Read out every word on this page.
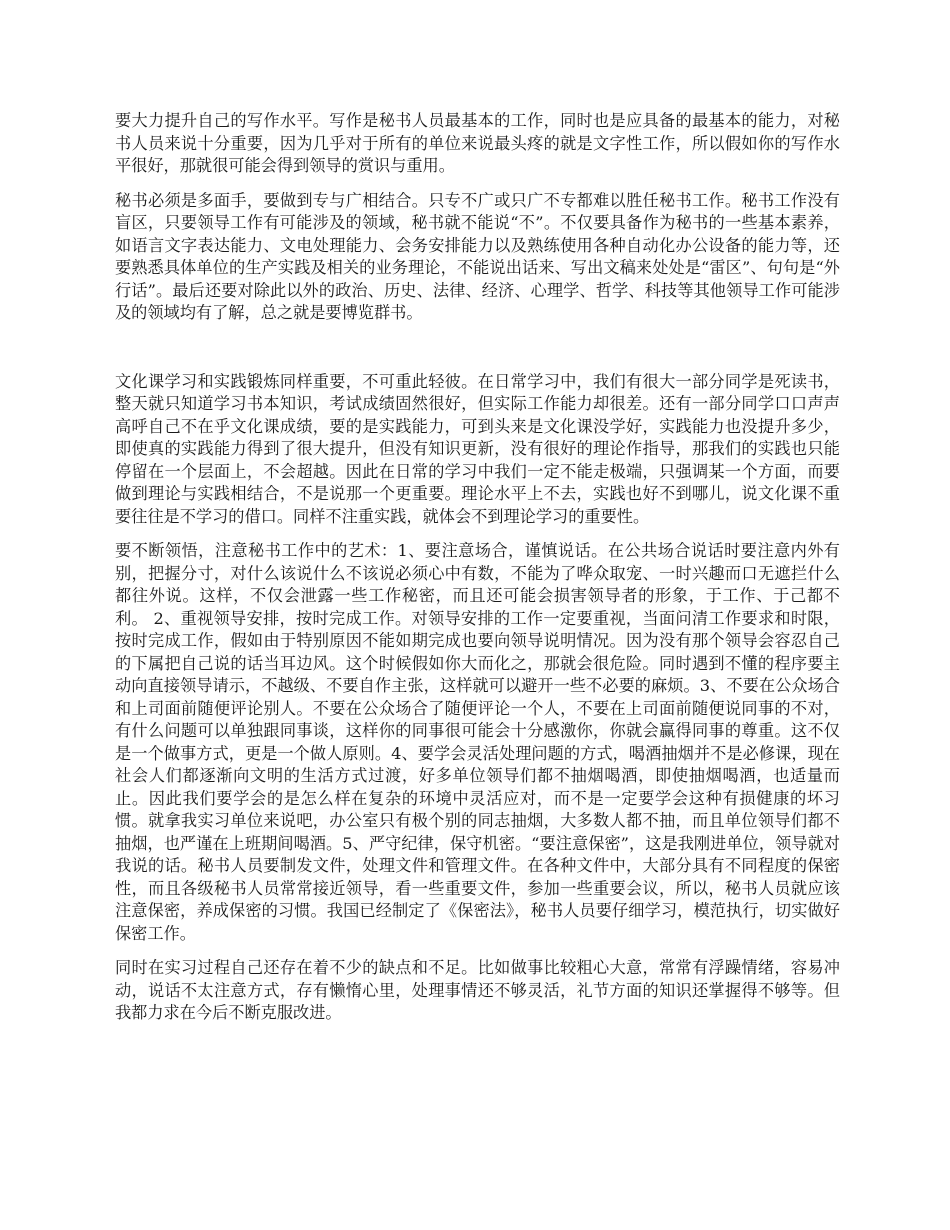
要大力提升自己的写作水平。写作是秘书人员最基本的工作，同时也是应具备的最基本的能力，对秘书人员来说十分重要，因为几乎对于所有的单位来说最头疼的就是文字性工作，所以假如你的写作水平很好，那就很可能会得到领导的赏识与重用。

秘书必须是多面手，要做到专与广相结合。只专不广或只广不专都难以胜任秘书工作。秘书工作没有盲区，只要领导工作有可能涉及的领域，秘书就不能说“不”。不仅要具备作为秘书的一些基本素养，如语言文字表达能力、文电处理能力、会务安排能力以及熟练使用各种自动化办公设备的能力等，还要熟悉具体单位的生产实践及相关的业务理论，不能说出话来、写出文稿来处处是“雷区”、句句是“外行话”。最后还要对除此以外的政治、历史、法律、经济、心理学、哲学、科技等其他领导工作可能涉及的领域均有了解，总之就是要博览群书。

文化课学习和实践锻炼同样重要，不可重此轻彼。在日常学习中，我们有很大一部分同学是死读书，整天就只知道学习书本知识，考试成绩固然很好，但实际工作能力却很差。还有一部分同学口口声声高呼自己不在乎文化课成绩，要的是实践能力，可到头来是文化课没学好，实践能力也没提升多少，即使真的实践能力得到了很大提升，但没有知识更新，没有很好的理论作指导，那我们的实践也只能停留在一个层面上，不会超越。因此在日常的学习中我们一定不能走极端，只强调某一个方面，而要做到理论与实践相结合，不是说那一个更重要。理论水平上不去，实践也好不到哪儿，说文化课不重要往往是不学习的借口。同样不注重实践，就体会不到理论学习的重要性。

要不断领悟，注意秘书工作中的艺术：1、要注意场合，谨慎说话。在公共场合说话时要注意内外有别，把握分寸，对什么该说什么不该说必须心中有数，不能为了哗众取宠、一时兴趣而口无遮拦什么都往外说。这样，不仅会泄露一些工作秘密，而且还可能会损害领导者的形象，于工作、于己都不利。 2、重视领导安排，按时完成工作。对领导安排的工作一定要重视，当面问清工作要求和时限，按时完成工作，假如由于特别原因不能如期完成也要向领导说明情况。因为没有那个领导会容忍自己的下属把自己说的话当耳边风。这个时候假如你大而化之，那就会很危险。同时遇到不懂的程序要主动向直接领导请示，不越级、不要自作主张，这样就可以避开一些不必要的麻烦。3、不要在公众场合和上司面前随便评论别人。不要在公众场合了随便评论一个人，不要在上司面前随便说同事的不对，有什么问题可以单独跟同事谈，这样你的同事很可能会十分感激你，你就会赢得同事的尊重。这不仅是一个做事方式，更是一个做人原则。4、要学会灵活处理问题的方式，喝酒抽烟并不是必修课，现在社会人们都逐渐向文明的生活方式过渡，好多单位领导们都不抽烟喝酒，即使抽烟喝酒，也适量而止。因此我们要学会的是怎么样在复杂的环境中灵活应对，而不是一定要学会这种有损健康的坏习惯。就拿我实习单位来说吧，办公室只有极个别的同志抽烟，大多数人都不抽，而且单位领导们都不抽烟，也严谨在上班期间喝酒。5、严守纪律，保守机密。“要注意保密”，这是我刚进单位，领导就对我说的话。秘书人员要制发文件，处理文件和管理文件。在各种文件中，大部分具有不同程度的保密性，而且各级秘书人员常常接近领导，看一些重要文件，参加一些重要会议，所以，秘书人员就应该注意保密，养成保密的习惯。我国已经制定了《保密法》，秘书人员要仔细学习，模范执行，切实做好保密工作。

同时在实习过程自己还存在着不少的缺点和不足。比如做事比较粗心大意，常常有浮躁情绪，容易冲动，说话不太注意方式，存有懒惰心里，处理事情还不够灵活，礼节方面的知识还掌握得不够等。但我都力求在今后不断克服改进。
